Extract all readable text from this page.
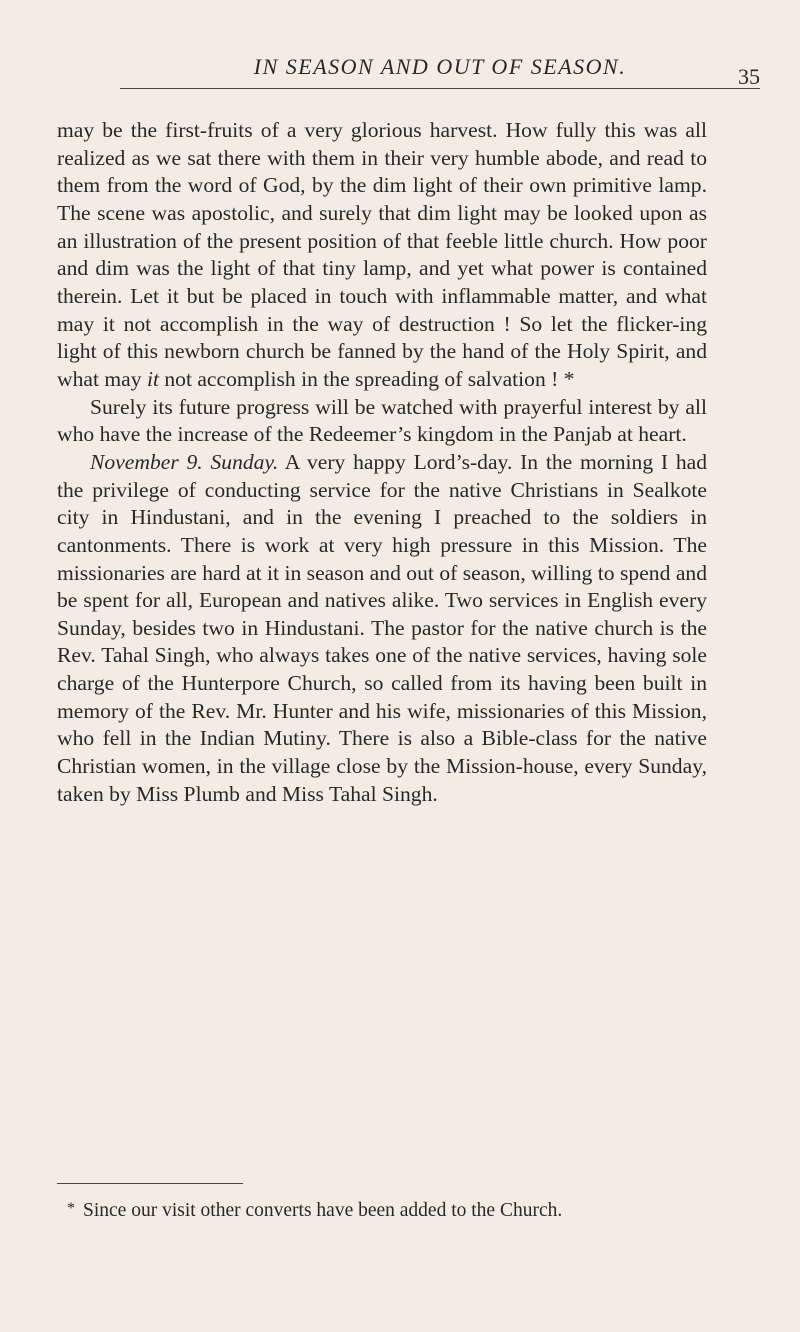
IN SEASON AND OUT OF SEASON.	35

may be the first-fruits of a very glorious harvest. How fully this was all realized as we sat there with them in their very humble abode, and read to them from the word of God, by the dim light of their own primitive lamp. The scene was apostolic, and surely that dim light may be looked upon as an illustration of the present position of that feeble little church. How poor and dim was the light of that tiny lamp, and yet what power is contained therein. Let it but be placed in touch with inflammable matter, and what may it not accomplish in the way of destruction ! So let the flicker-ing light of this newborn church be fanned by the hand of the Holy Spirit, and what may it not accomplish in the spreading of salvation ! *

Surely its future progress will be watched with prayerful interest by all who have the increase of the Redeemer’s kingdom in the Panjab at heart.

November 9. Sunday. A very happy Lord’s-day. In the morning I had the privilege of conducting service for the native Christians in Sealkote city in Hindustani, and in the evening I preached to the soldiers in cantonments. There is work at very high pressure in this Mission. The missionaries are hard at it in season and out of season, willing to spend and be spent for all, European and natives alike. Two services in English every Sunday, besides two in Hindustani. The pastor for the native church is the Rev. Tahal Singh, who always takes one of the native services, having sole charge of the Hunterpore Church, so called from its having been built in memory of the Rev. Mr. Hunter and his wife, missionaries of this Mission, who fell in the Indian Mutiny. There is also a Bible-class for the native Christian women, in the village close by the Mission-house, every Sunday, taken by Miss Plumb and Miss Tahal Singh.

* Since our visit other converts have been added to the Church.
